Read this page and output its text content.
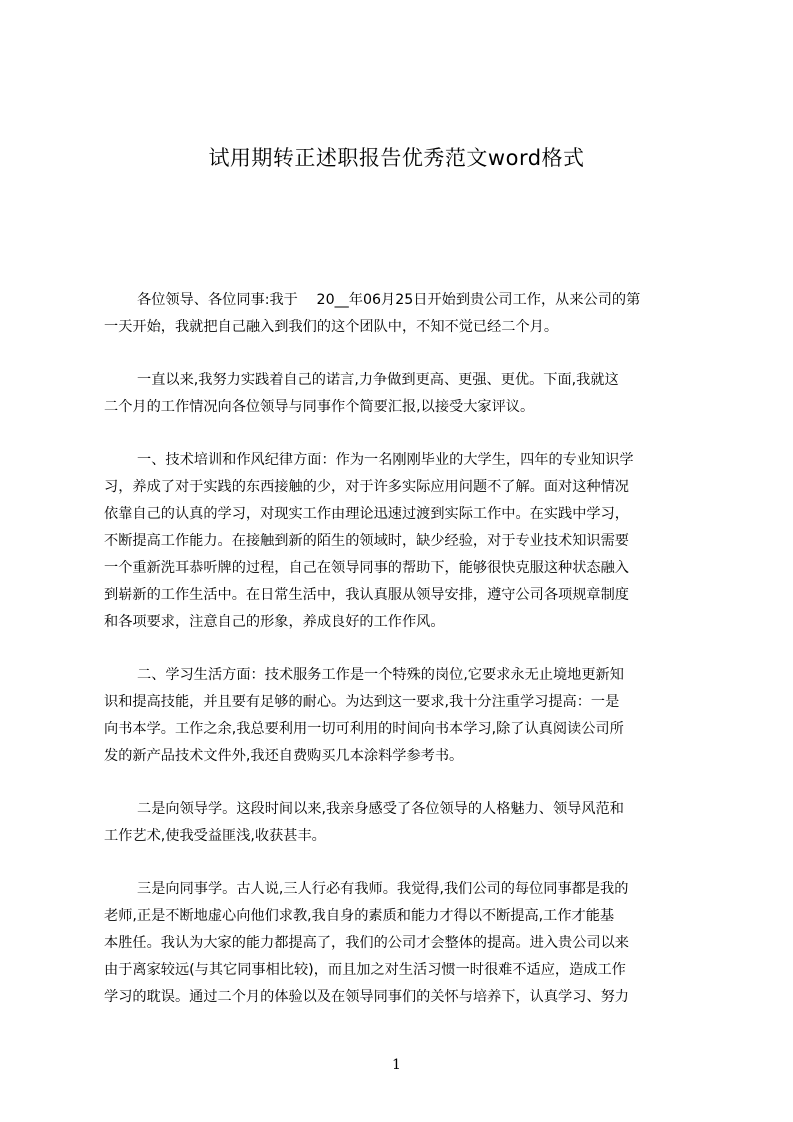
试用期转正述职报告优秀范文word格式
各位领导、各位同事:我于　 20__年06月25日开始到贵公司工作，从来公司的第
一天开始，我就把自己融入到我们的这个团队中，不知不觉已经二个月。
一直以来,我努力实践着自己的诺言,力争做到更高、更强、更优。下面,我就这
二个月的工作情况向各位领导与同事作个简要汇报,以接受大家评议。
一、技术培训和作风纪律方面：作为一名刚刚毕业的大学生，四年的专业知识学
习，养成了对于实践的东西接触的少，对于许多实际应用问题不了解。面对这种情况
依靠自己的认真的学习，对现实工作由理论迅速过渡到实际工作中。在实践中学习，
不断提高工作能力。在接触到新的陌生的领域时，缺少经验，对于专业技术知识需要
一个重新洗耳恭听牌的过程，自己在领导同事的帮助下，能够很快克服这种状态融入
到崭新的工作生活中。在日常生活中，我认真服从领导安排，遵守公司各项规章制度
和各项要求，注意自己的形象，养成良好的工作作风。
二、学习生活方面：技术服务工作是一个特殊的岗位,它要求永无止境地更新知
识和提高技能，并且要有足够的耐心。为达到这一要求,我十分注重学习提高：一是
向书本学。工作之余,我总要利用一切可利用的时间向书本学习,除了认真阅读公司所
发的新产品技术文件外,我还自费购买几本涂料学参考书。
二是向领导学。这段时间以来,我亲身感受了各位领导的人格魅力、领导风范和
工作艺术,使我受益匪浅,收获甚丰。
三是向同事学。古人说,三人行必有我师。我觉得,我们公司的每位同事都是我的
老师,正是不断地虚心向他们求教,我自身的素质和能力才得以不断提高,工作才能基
本胜任。我认为大家的能力都提高了，我们的公司才会整体的提高。进入贵公司以来
由于离家较远(与其它同事相比较)，而且加之对生活习惯一时很难不适应，造成工作
学习的耽误。通过二个月的体验以及在领导同事们的关怀与培养下，认真学习、努力
1
